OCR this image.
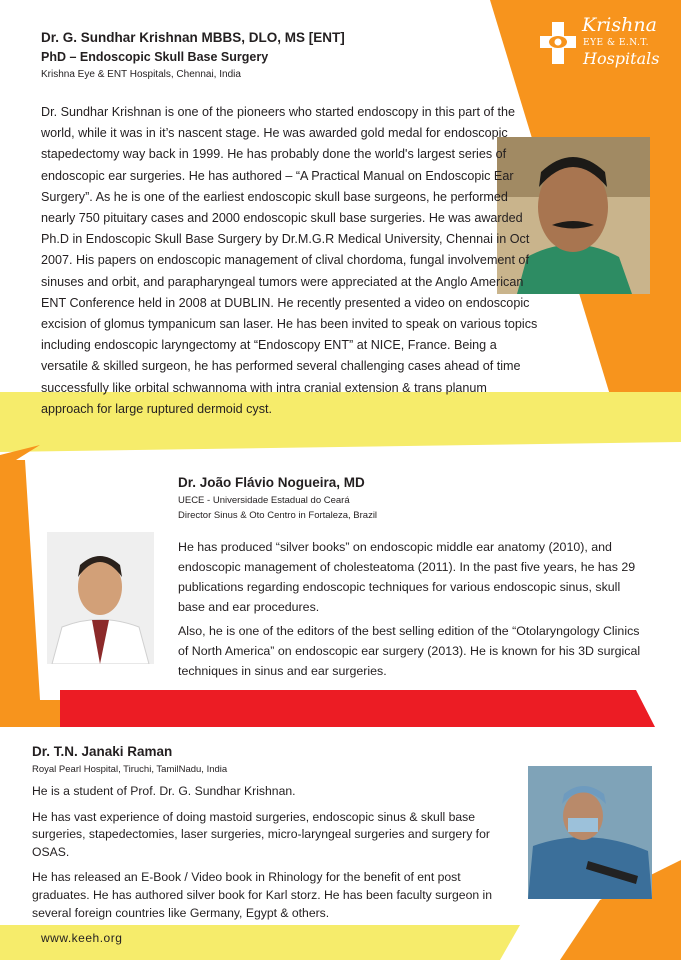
Krishna
EYE & E.N.T.
Hospitals
Dr. G. Sundhar Krishnan MBBS, DLO, MS [ENT]
PhD – Endoscopic Skull Base Surgery
Krishna Eye & ENT Hospitals, Chennai, India
Dr. Sundhar Krishnan is one of the pioneers who started endoscopy in this part of the world, while it was in it’s nascent stage. He was awarded gold medal for endoscopic stapedectomy way back in 1999. He has probably done the world's largest series of endoscopic ear surgeries. He has authored – “A Practical Manual on Endoscopic Ear Surgery”. As he is one of the earliest endoscopic skull base surgeons, he performed nearly 750 pituitary cases and 2000 endoscopic skull base surgeries. He was awarded Ph.D in Endoscopic Skull Base Surgery by Dr.M.G.R Medical University, Chennai in Oct 2007. His papers on endoscopic management of clival chordoma, fungal involvement of sinuses and orbit, and parapharyngeal tumors were appreciated at the Anglo American ENT Conference held in 2008 at DUBLIN. He recently presented a video on endoscopic excision of glomus tympanicum san laser. He has been invited to speak on various topics including endoscopic laryngectomy at “Endoscopy ENT” at NICE, France. Being a versatile & skilled surgeon, he has performed several challenging cases ahead of time successfully like orbital schwannoma with intra cranial extension & trans planum approach for large ruptured dermoid cyst.
Dr. João Flávio Nogueira, MD
UECE - Universidade Estadual do Ceará
Director Sinus & Oto Centro in Fortaleza, Brazil

He has produced “silver books” on endoscopic middle ear anatomy (2010), and endoscopic management of cholesteatoma (2011). In the past five years, he has 29 publications regarding endoscopic techniques for various endoscopic sinus, skull base and ear procedures.

Also, he is one of the editors of the best selling edition of the “Otolaryngology Clinics of North America” on endoscopic ear surgery (2013). He is known for his 3D surgical techniques in sinus and ear surgeries.

Dr. T.N. Janaki Raman
Royal Pearl Hospital, Tiruchi, TamilNadu, India

He is a student of Prof. Dr. G. Sundhar Krishnan.

He has vast experience of doing mastoid surgeries, endoscopic sinus & skull base surgeries, stapedectomies, laser surgeries, micro-laryngeal surgeries and surgery for OSAS.

He has released an E-Book / Video book in Rhinology for the benefit of ent post graduates. He has authored silver book for Karl storz. He has been faculty surgeon in several foreign countries like Germany, Egypt & others.

www.keeh.org
